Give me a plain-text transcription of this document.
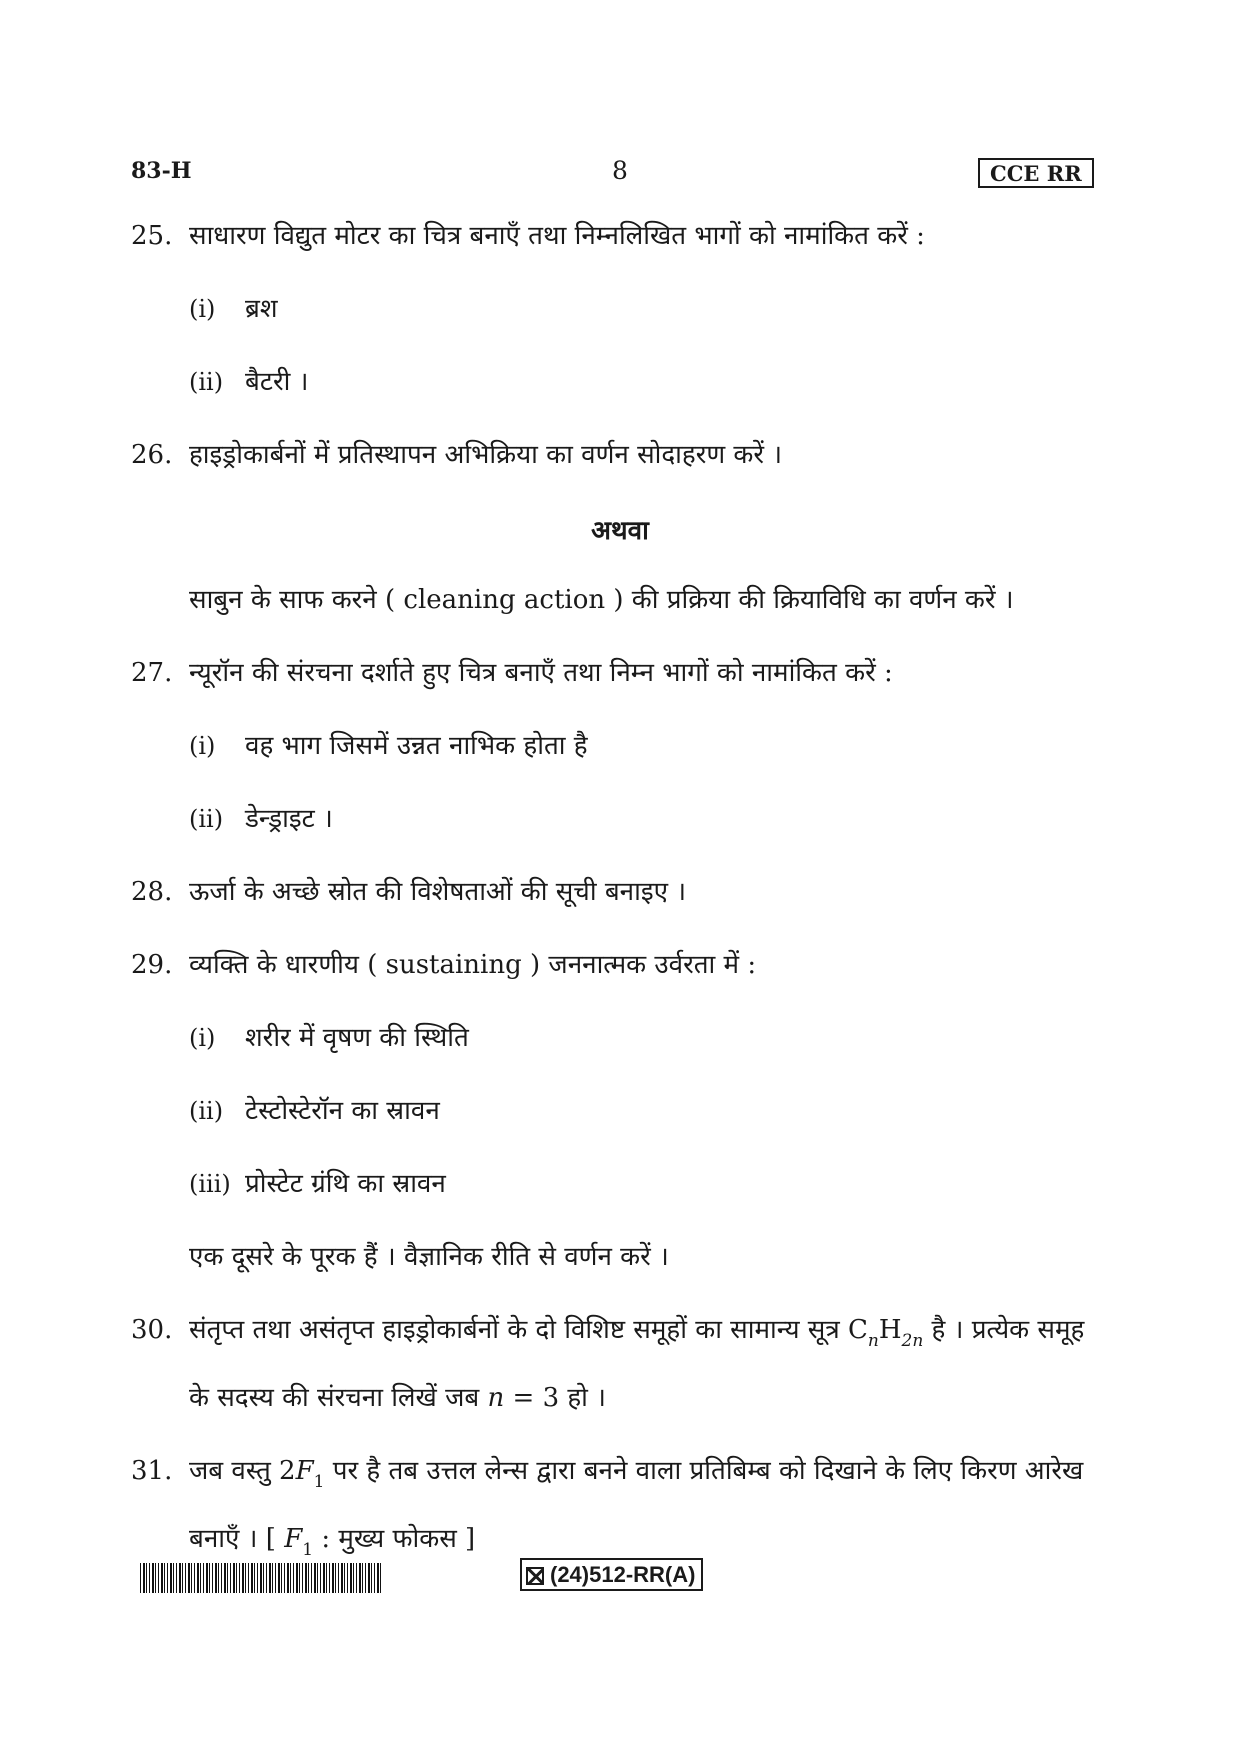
83-H	8	CCE RR
25. साधारण विद्युत मोटर का चित्र बनाएँ तथा निम्नलिखित भागों को नामांकित करें :
(i) ब्रश
(ii) बैटरी ।
26. हाइड्रोकार्बनों में प्रतिस्थापन अभिक्रिया का वर्णन सोदाहरण करें ।
अथवा
साबुन के साफ करने ( cleaning action ) की प्रक्रिया की क्रियाविधि का वर्णन करें ।
27. न्यूरॉन की संरचना दर्शाते हुए चित्र बनाएँ तथा निम्न भागों को नामांकित करें :
(i) वह भाग जिसमें उन्नत नाभिक होता है
(ii) डेन्ड्राइट ।
28. ऊर्जा के अच्छे स्रोत की विशेषताओं की सूची बनाइए ।
29. व्यक्ति के धारणीय ( sustaining ) जननात्मक उर्वरता में :
(i) शरीर में वृषण की स्थिति
(ii) टेस्टोस्टेरॉन का स्रावन
(iii) प्रोस्टेट ग्रंथि का स्रावन
एक दूसरे के पूरक हैं । वैज्ञानिक रीति से वर्णन करें ।
30. संतृप्त तथा असंतृप्त हाइड्रोकार्बनों के दो विशिष्ट समूहों का सामान्य सूत्र $C_nH_{2n}$ है । प्रत्येक समूह
के सदस्य की संरचना लिखें जब n = 3 हो ।
31. जब वस्तु $2F_1$ पर है तब उत्तल लेन्स द्वारा बनने वाला प्रतिबिम्ब को दिखाने के लिए किरण आरेख
बनाएँ । [ $F_1$ : मुख्य फोकस ]
(24)512-RR(A)
